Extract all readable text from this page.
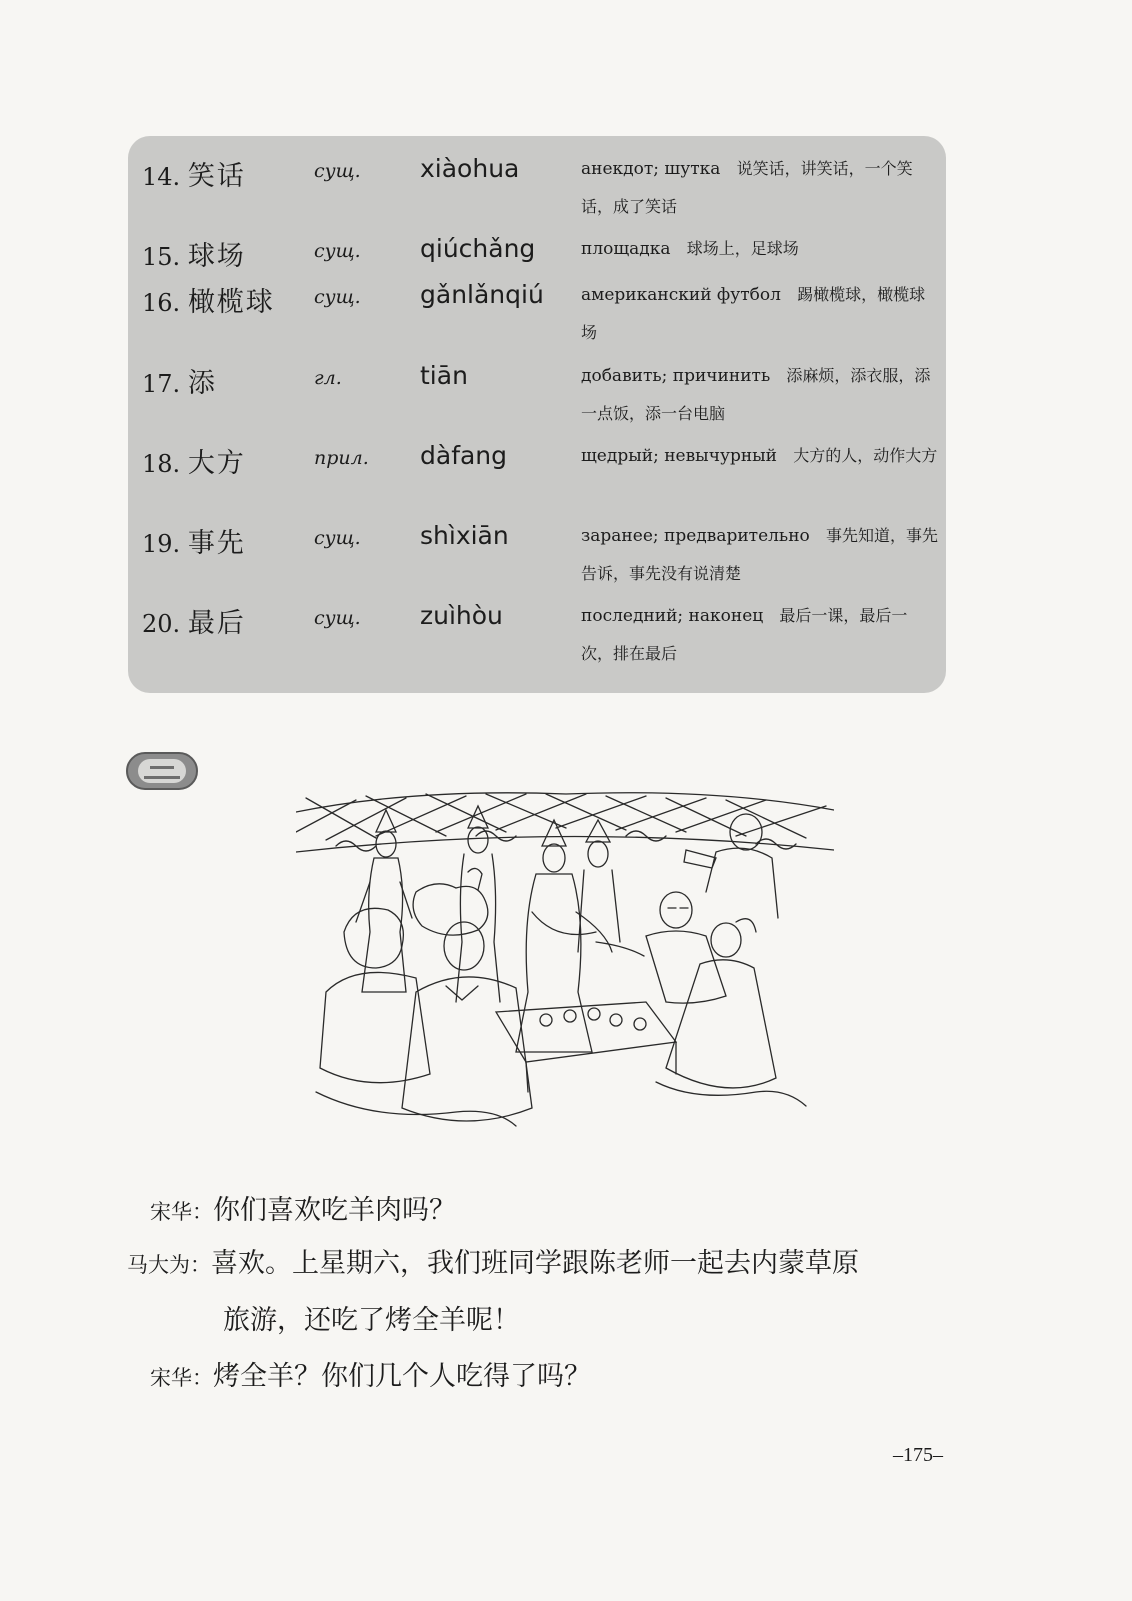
14. 笑话	сущ. xiàohua	анекдот; шутка 说笑话，讲笑话，一个笑话，成了笑话
15. 球场	сущ. qiúchǎng	площадка 球场上，足球场
16. 橄榄球 сущ. gǎnlǎnqiú американский футбол 踢橄榄球，橄榄球场
17. 添	гл.	tiān	добавить; причинить 添麻烦，添衣服，添一点饭，添一台电脑
18. 大方	прил. dàfang	щедрый; невычурный 大方的人，动作大方
19. 事先	сущ. shìxiān	заранее; предварительно 事先知道，事先告诉，事先没有说清楚
20. 最后	сущ. zuìhòu	последний; наконец 最后一课，最后一次，排在最后
宋华：你们喜欢吃羊肉吗？
马大为：喜欢。上星期六，我们班同学跟陈老师一起去内蒙草原
旅游，还吃了烤全羊呢！
宋华：烤全羊？你们几个人吃得了吗？
–175–
